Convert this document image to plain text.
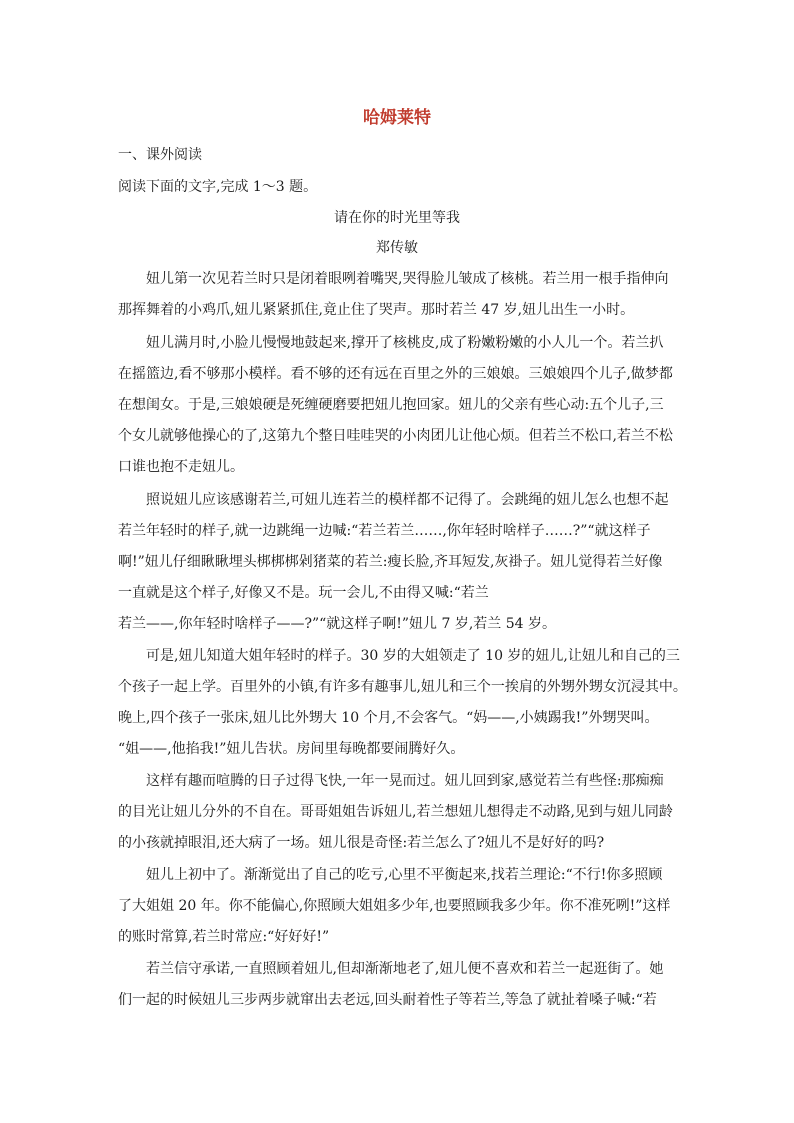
哈姆莱特
一、课外阅读
阅读下面的文字,完成 1～3 题。
请在你的时光里等我
郑传敏
妞儿第一次见若兰时只是闭着眼咧着嘴哭,哭得脸儿皱成了核桃。若兰用一根手指伸向
那挥舞着的小鸡爪,妞儿紧紧抓住,竟止住了哭声。那时若兰 47 岁,妞儿出生一小时。
妞儿满月时,小脸儿慢慢地鼓起来,撑开了核桃皮,成了粉嫩粉嫩的小人儿一个。若兰扒
在摇篮边,看不够那小模样。看不够的还有远在百里之外的三娘娘。三娘娘四个儿子,做梦都
在想闺女。于是,三娘娘硬是死缠硬磨要把妞儿抱回家。妞儿的父亲有些心动:五个儿子,三
个女儿就够他操心的了,这第九个整日哇哇哭的小肉团儿让他心烦。但若兰不松口,若兰不松
口谁也抱不走妞儿。
照说妞儿应该感谢若兰,可妞儿连若兰的模样都不记得了。会跳绳的妞儿怎么也想不起
若兰年轻时的样子,就一边跳绳一边喊:“若兰若兰……,你年轻时啥样子……?”“就这样子
啊!”妞儿仔细瞅瞅埋头梆梆梆剁猪菜的若兰:瘦长脸,齐耳短发,灰褂子。妞儿觉得若兰好像
一直就是这个样子,好像又不是。玩一会儿,不由得又喊:“若兰
若兰——,你年轻时啥样子——?”“就这样子啊!”妞儿 7 岁,若兰 54 岁。
可是,妞儿知道大姐年轻时的样子。30 岁的大姐领走了 10 岁的妞儿,让妞儿和自己的三
个孩子一起上学。百里外的小镇,有许多有趣事儿,妞儿和三个一挨肩的外甥外甥女沉浸其中。
晚上,四个孩子一张床,妞儿比外甥大 10 个月,不会客气。“妈——,小姨踢我!”外甥哭叫。
“姐——,他掐我!”妞儿告状。房间里每晚都要闹腾好久。
这样有趣而喧腾的日子过得飞快,一年一晃而过。妞儿回到家,感觉若兰有些怪:那痴痴
的目光让妞儿分外的不自在。哥哥姐姐告诉妞儿,若兰想妞儿想得走不动路,见到与妞儿同龄
的小孩就掉眼泪,还大病了一场。妞儿很是奇怪:若兰怎么了?妞儿不是好好的吗?
妞儿上初中了。渐渐觉出了自己的吃亏,心里不平衡起来,找若兰理论:“不行!你多照顾
了大姐姐 20 年。你不能偏心,你照顾大姐姐多少年,也要照顾我多少年。你不准死咧!”这样
的账时常算,若兰时常应:“好好好!”
若兰信守承诺,一直照顾着妞儿,但却渐渐地老了,妞儿便不喜欢和若兰一起逛街了。她
们一起的时候妞儿三步两步就窜出去老远,回头耐着性子等若兰,等急了就扯着嗓子喊:“若
